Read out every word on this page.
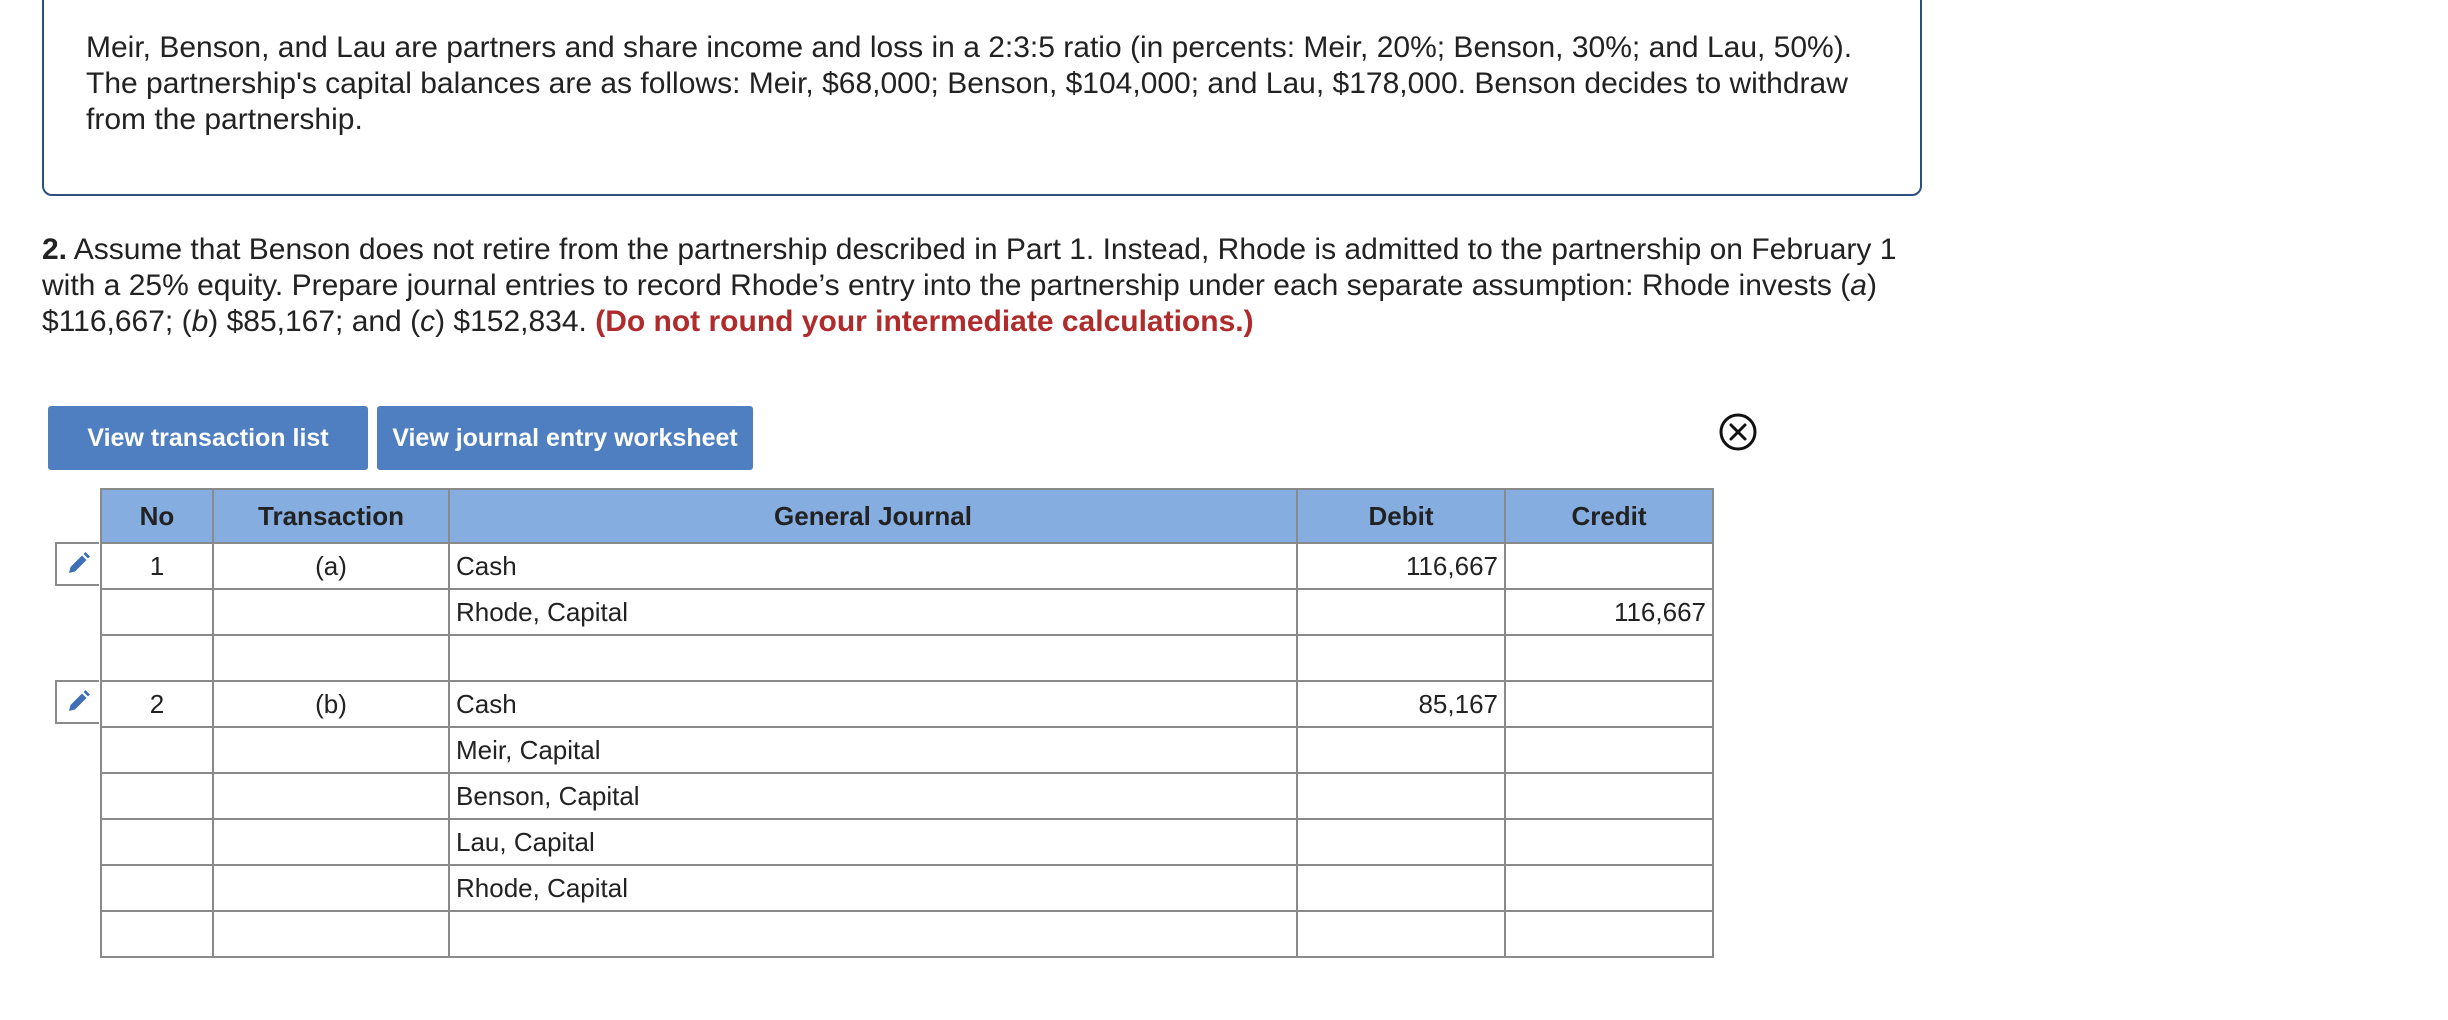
Meir, Benson, and Lau are partners and share income and loss in a 2:3:5 ratio (in percents: Meir, 20%; Benson, 30%; and Lau, 50%). The partnership's capital balances are as follows: Meir, $68,000; Benson, $104,000; and Lau, $178,000. Benson decides to withdraw from the partnership.
2. Assume that Benson does not retire from the partnership described in Part 1. Instead, Rhode is admitted to the partnership on February 1 with a 25% equity. Prepare journal entries to record Rhode’s entry into the partnership under each separate assumption: Rhode invests (a) $116,667; (b) $85,167; and (c) $152,834. (Do not round your intermediate calculations.)
View transaction list	View journal entry worksheet
No	Transaction	General Journal	Debit	Credit
1	(a)	Cash	116,667	
		Rhode, Capital		116,667

2	(b)	Cash	85,167	
		Meir, Capital		
		Benson, Capital		
		Lau, Capital		
		Rhode, Capital		
